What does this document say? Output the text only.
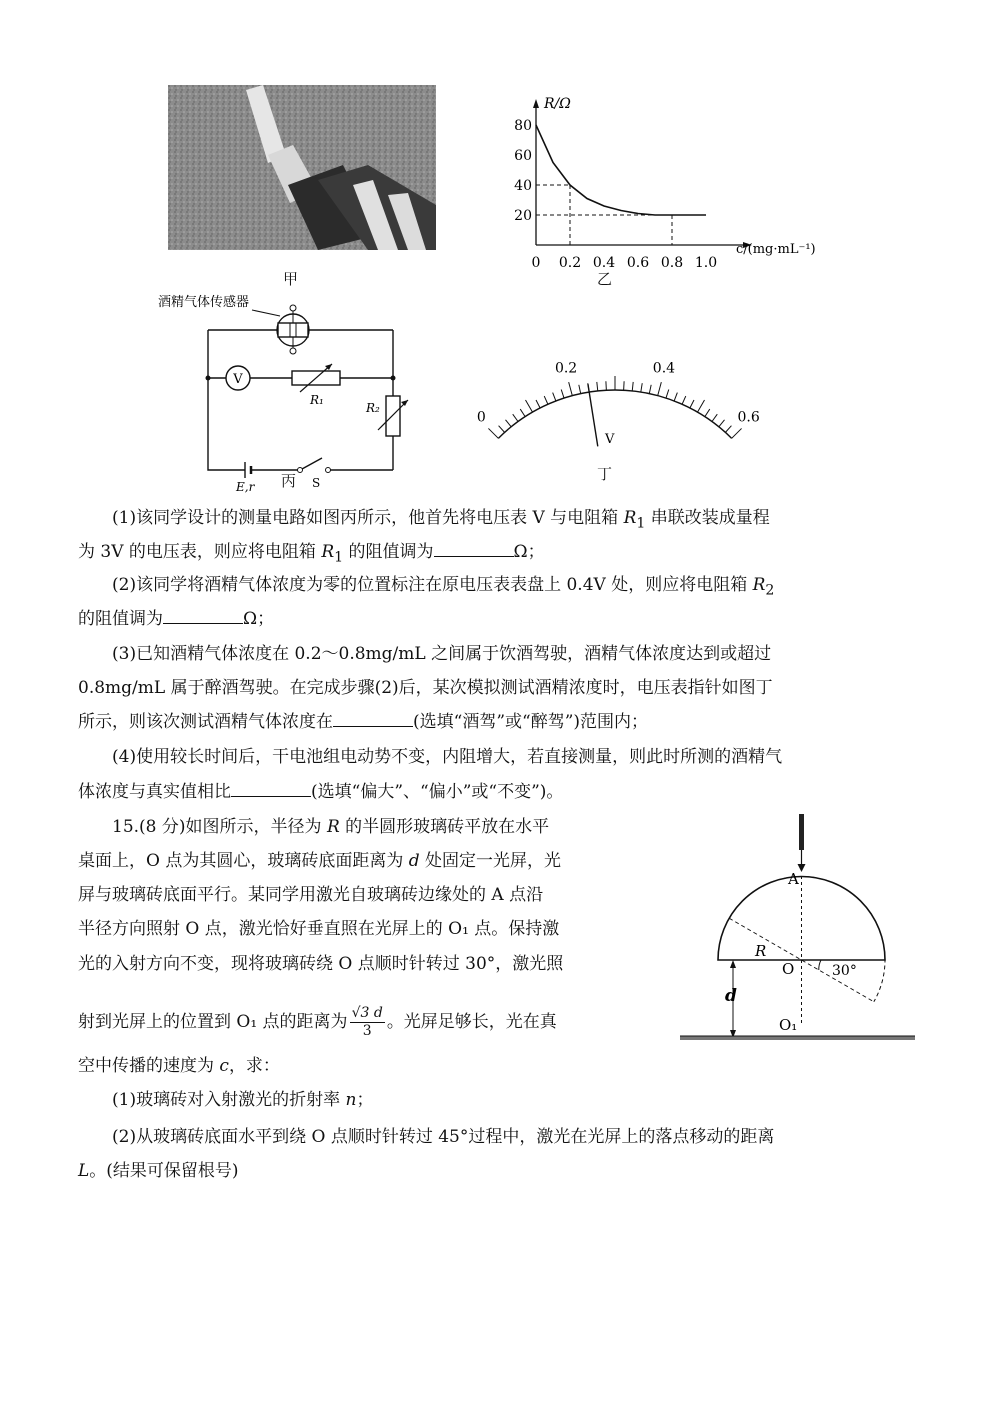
甲
R/Ω
c/(mg·mL⁻¹)
80
60
40
20
0 0.2 0.4 0.6 0.8 1.0
酒精气体传感器
V
R₁
R₂
E,r	S
丙
0
0.2	0.4
0.6
V
丁
乙
(1)该同学设计的测量电路如图丙所示，他首先将电压表 V 与电阻箱 $R_1$ 串联改装成量程
为 3V 的电压表，则应将电阻箱 $R_1$ 的阻值调为	Ω；
(2)该同学将酒精气体浓度为零的位置标注在原电压表表盘上 0.4V 处，则应将电阻箱 $R_2$
的阻值调为	Ω；
(3)已知酒精气体浓度在 0.2～0.8mg/mL 之间属于饮酒驾驶，酒精气体浓度达到或超过
0.8mg/mL 属于醉酒驾驶。在完成步骤(2)后，某次模拟测试酒精浓度时，电压表指针如图丁
所示，则该次测试酒精气体浓度在	(选填“酒驾”或“醉驾”)范围内；
(4)使用较长时间后，干电池组电动势不变，内阻增大，若直接测量，则此时所测的酒精气
体浓度与真实值相比	(选填“偏大”、“偏小”或“不变”)。
15.(8 分)如图所示，半径为 R 的半圆形玻璃砖平放在水平
桌面上，O 点为其圆心，玻璃砖底面距离为 d 处固定一光屏，光
屏与玻璃砖底面平行。某同学用激光自玻璃砖边缘处的 A 点沿
半径方向照射 O 点，激光恰好垂直照在光屏上的 O₁ 点。保持激
光的入射方向不变，现将玻璃砖绕 O 点顺时针转过 30°，激光照
射到光屏上的位置到 O₁ 点的距离为 $\frac{√3 d}{3}$ 。光屏足够长，光在真
空中传播的速度为 c，求：
(1)玻璃砖对入射激光的折射率 n；
(2)从玻璃砖底面水平到绕 O 点顺时针转过 45°过程中，激光在光屏上的落点移动的距离
L。(结果可保留根号)
30°
A
R
O
d
O₁
